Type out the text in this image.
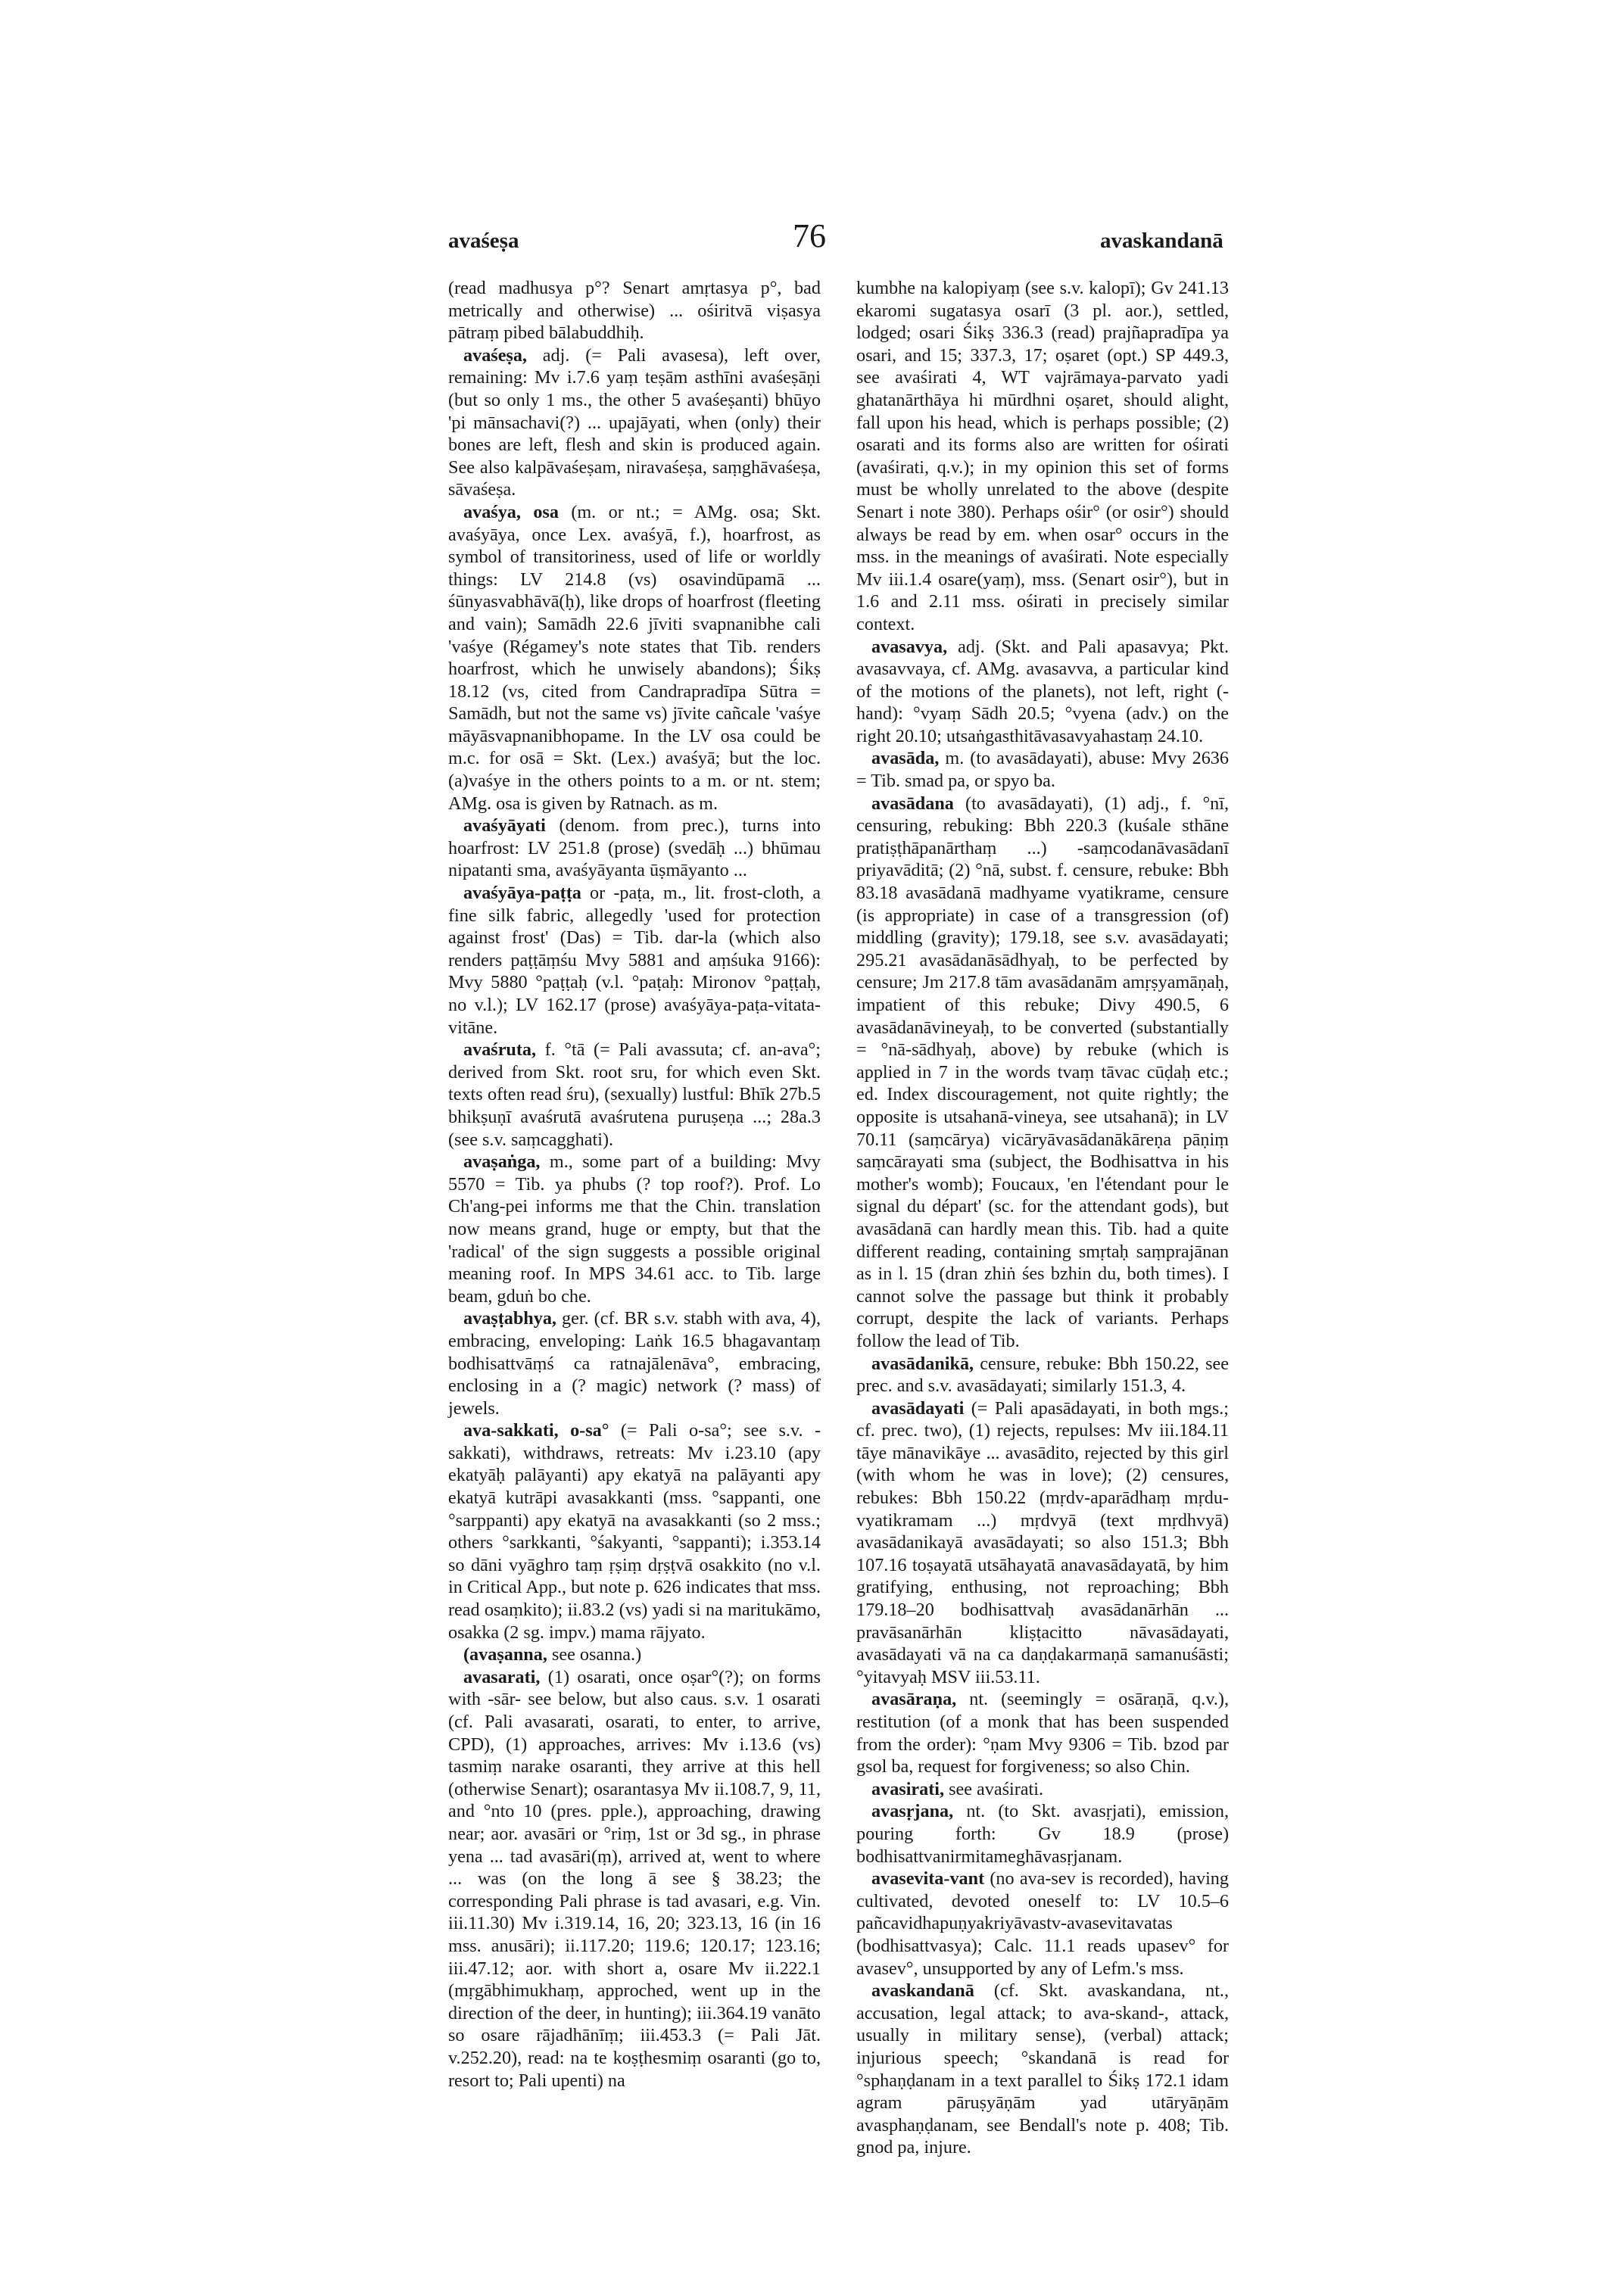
avaśeṣa	76	avaskandanā

(read madhusya p°? Senart amṛtasya p°, bad metrically and otherwise) ... ośiritvā viṣasya pātraṃ pibed bālabuddhiḥ.

avaśeṣa, adj. (= Pali avasesa), left over, remaining: Mv i.7.6 yaṃ teṣām asthīni avaśeṣāṇi (but so only 1 ms., the other 5 avaśeṣanti) bhūyo 'pi mānsachavi(?) ... upajāyati, when (only) their bones are left, flesh and skin is produced again. See also kalpāvaśeṣam, niravaśeṣa, saṃghāvaśeṣa, sāvaśeṣa.

avaśya, osa (m. or nt.; = AMg. osa; Skt. avaśyāya, once Lex. avaśyā, f.), hoarfrost, as symbol of transitoriness, used of life or worldly things: LV 214.8 (vs) osavindūpamā ... śūnyasvabhāvā(ḥ), like drops of hoarfrost (fleeting and vain); Samādh 22.6 jīviti svapnanibhe cali 'vaśye (Régamey's note states that Tib. renders hoarfrost, which he unwisely abandons); Śikṣ 18.12 (vs, cited from Candrapradīpa Sūtra = Samādh, but not the same vs) jīvite cañcale 'vaśye māyāsvapnanibhopame. In the LV osa could be m.c. for osā = Skt. (Lex.) avaśyā; but the loc. (a)vaśye in the others points to a m. or nt. stem; AMg. osa is given by Ratnach. as m.

avaśyāyati (denom. from prec.), turns into hoarfrost: LV 251.8 (prose) (svedāḥ ...) bhūmau nipatanti sma, avaśyāyanta ūṣmāyanto ...

avaśyāya-paṭṭa or -paṭa, m., lit. frost-cloth, a fine silk fabric, allegedly 'used for protection against frost' (Das) = Tib. dar-la (which also renders paṭṭāṃśu Mvy 5881 and aṃśuka 9166): Mvy 5880 °paṭṭaḥ (v.l. °paṭaḥ: Mironov °paṭṭaḥ, no v.l.); LV 162.17 (prose) avaśyāya-paṭa-vitata-vitāne.

avaśruta, f. °tā (= Pali avassuta; cf. an-ava°; derived from Skt. root sru, for which even Skt. texts often read śru), (sexually) lustful: Bhīk 27b.5 bhikṣuṇī avaśrutā avaśrutena puruṣeṇa ...; 28a.3 (see s.v. saṃcagghati).

avaṣaṅga, m., some part of a building: Mvy 5570 = Tib. ya phubs (? top roof?). Prof. Lo Ch'ang-pei informs me that the Chin. translation now means grand, huge or empty, but that the 'radical' of the sign suggests a possible original meaning roof. In MPS 34.61 acc. to Tib. large beam, gduṅ bo che.

avaṣṭabhya, ger. (cf. BR s.v. stabh with ava, 4), embracing, enveloping: Laṅk 16.5 bhagavantaṃ bodhisattvāṃś ca ratnajālenāva°, embracing, enclosing in a (? magic) network (? mass) of jewels.

ava-sakkati, o-sa° (= Pali o-sa°; see s.v. -sakkati), withdraws, retreats: Mv i.23.10 (apy ekatyāḥ palāyanti) apy ekatyā na palāyanti apy ekatyā kutrāpi avasakkanti (mss. °sappanti, one °sarppanti) apy ekatyā na avasakkanti (so 2 mss.; others °sarkkanti, °śakyanti, °sappanti); i.353.14 so dāni vyāghro taṃ ṛṣiṃ dṛṣṭvā osakkito (no v.l. in Critical App., but note p. 626 indicates that mss. read osaṃkito); ii.83.2 (vs) yadi si na maritukāmo, osakka (2 sg. impv.) mama rājyato.

(avaṣanna, see osanna.)

avasarati, (1) osarati, once oṣar°(?); on forms with -sār- see below, but also caus. s.v. 1 osarati (cf. Pali avasarati, osarati, to enter, to arrive, CPD), (1) approaches, arrives: Mv i.13.6 (vs) tasmiṃ narake osaranti, they arrive at this hell (otherwise Senart); osarantasya Mv ii.108.7, 9, 11, and °nto 10 (pres. pple.), approaching, drawing near; aor. avasāri or °riṃ, 1st or 3d sg., in phrase yena ... tad avasāri(ṃ), arrived at, went to where ... was (on the long ā see § 38.23; the corresponding Pali phrase is tad avasari, e.g. Vin. iii.11.30) Mv i.319.14, 16, 20; 323.13, 16 (in 16 mss. anusāri); ii.117.20; 119.6; 120.17; 123.16; iii.47.12; aor. with short a, osare Mv ii.222.1 (mṛgābhimukhaṃ, approched, went up in the direction of the deer, in hunting); iii.364.19 vanāto so osare rājadhānīṃ; iii.453.3 (= Pali Jāt. v.252.20), read: na te koṣṭhesmiṃ osaranti (go to, resort to; Pali upenti) na

kumbhe na kalopiyaṃ (see s.v. kalopī); Gv 241.13 ekaromi sugatasya osarī (3 pl. aor.), settled, lodged; osari Śikṣ 336.3 (read) prajñapradīpa ya osari, and 15; 337.3, 17; oṣaret (opt.) SP 449.3, see avaśirati 4, WT vajrāmaya-parvato yadi ghatanārthāya hi mūrdhni oṣaret, should alight, fall upon his head, which is perhaps possible; (2) osarati and its forms also are written for ośirati (avaśirati, q.v.); in my opinion this set of forms must be wholly unrelated to the above (despite Senart i note 380). Perhaps ośir° (or osir°) should always be read by em. when osar° occurs in the mss. in the meanings of avaśirati. Note especially Mv iii.1.4 osare(yaṃ), mss. (Senart osir°), but in 1.6 and 2.11 mss. ośirati in precisely similar context.

avasavya, adj. (Skt. and Pali apasavya; Pkt. avasavvaya, cf. AMg. avasavva, a particular kind of the motions of the planets), not left, right (-hand): °vyaṃ Sādh 20.5; °vyena (adv.) on the right 20.10; utsaṅgasthitāvasavyahastaṃ 24.10.

avasāda, m. (to avasādayati), abuse: Mvy 2636 = Tib. smad pa, or spyo ba.

avasādana (to avasādayati), (1) adj., f. °nī, censuring, rebuking: Bbh 220.3 (kuśale sthāne pratiṣṭhāpanārthaṃ ...) -saṃcodanāvasādanī priyavāditā; (2) °nā, subst. f. censure, rebuke: Bbh 83.18 avasādanā madhyame vyatikrame, censure (is appropriate) in case of a transgression (of) middling (gravity); 179.18, see s.v. avasādayati; 295.21 avasādanāsādhyaḥ, to be perfected by censure; Jm 217.8 tām avasādanām amṛṣyamāṇaḥ, impatient of this rebuke; Divy 490.5, 6 avasādanāvineyaḥ, to be converted (substantially = °nā-sādhyaḥ, above) by rebuke (which is applied in 7 in the words tvaṃ tāvac cūḍaḥ etc.; ed. Index discouragement, not quite rightly; the opposite is utsahanā-vineya, see utsahanā); in LV 70.11 (saṃcārya) vicāryāvasādanākāreṇa pāṇiṃ saṃcārayati sma (subject, the Bodhisattva in his mother's womb); Foucaux, 'en l'étendant pour le signal du départ' (sc. for the attendant gods), but avasādanā can hardly mean this. Tib. had a quite different reading, containing smṛtaḥ saṃprajānan as in l. 15 (dran zhiṅ śes bzhin du, both times). I cannot solve the passage but think it probably corrupt, despite the lack of variants. Perhaps follow the lead of Tib.

avasādanikā, censure, rebuke: Bbh 150.22, see prec. and s.v. avasādayati; similarly 151.3, 4.

avasādayati (= Pali apasādayati, in both mgs.; cf. prec. two), (1) rejects, repulses: Mv iii.184.11 tāye mānavikāye ... avasādito, rejected by this girl (with whom he was in love); (2) censures, rebukes: Bbh 150.22 (mṛdv-aparādhaṃ mṛdu-vyatikramam ...) mṛdvyā (text mṛdhvyā) avasādanikayā avasādayati; so also 151.3; Bbh 107.16 toṣayatā utsāhayatā anavasādayatā, by him gratifying, enthusing, not reproaching; Bbh 179.18–20 bodhisattvaḥ avasādanārhān ... pravāsanārhān kliṣṭacitto nāvasādayati, avasādayati vā na ca daṇḍakarmaṇā samanuśāsti; °yitavyaḥ MSV iii.53.11.

avasāraṇa, nt. (seemingly = osāraṇā, q.v.), restitution (of a monk that has been suspended from the order): °ṇam Mvy 9306 = Tib. bzod par gsol ba, request for forgiveness; so also Chin.

avasirati, see avaśirati.

avasṛjana, nt. (to Skt. avasṛjati), emission, pouring forth: Gv 18.9 (prose) bodhisattvanirmitameghāvasṛjanam.

avasevita-vant (no ava-sev is recorded), having cultivated, devoted oneself to: LV 10.5–6 pañcavidhapuṇyakriyāvastv-avasevitavatas (bodhisattvasya); Calc. 11.1 reads upasev° for avasev°, unsupported by any of Lefm.'s mss.

avaskandanā (cf. Skt. avaskandana, nt., accusation, legal attack; to ava-skand-, attack, usually in military sense), (verbal) attack; injurious speech; °skandanā is read for °sphaṇḍanam in a text parallel to Śikṣ 172.1 idam agram pāruṣyāṇām yad utāryāṇām avasphaṇḍanam, see Bendall's note p. 408; Tib. gnod pa, injure.
